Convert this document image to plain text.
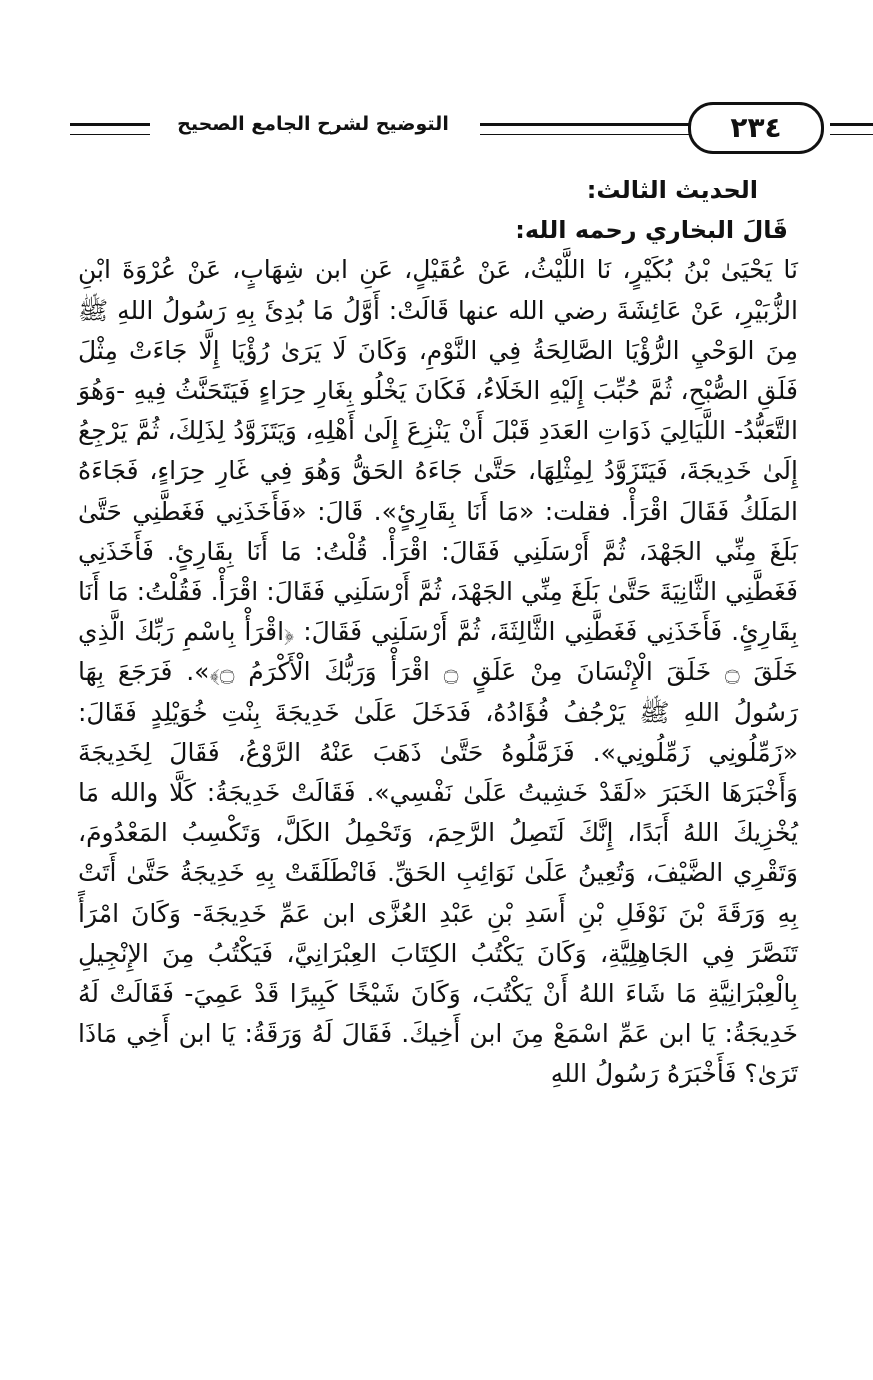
التوضيح لشرح الجامع الصحيح	٢٣٤

الحديث الثالث:

قَالَ البخاري رحمه الله:

نَا يَحْيَىٰ بْنُ بُكَيْرٍ، نَا اللَّيْثُ، عَنْ عُقَيْلٍ، عَنِ ابن شِهَابٍ، عَنْ عُرْوَةَ ابْنِ الزُّبَيْرِ، عَنْ عَائِشَةَ رضي الله عنها قَالَتْ: أَوَّلُ مَا بُدِئَ بِهِ رَسُولُ اللهِ ﷺ مِنَ الوَحْيِ الرُّؤْيَا الصَّالِحَةُ فِي النَّوْمِ، وَكَانَ لَا يَرَىٰ رُؤْيَا إِلَّا جَاءَتْ مِثْلَ فَلَقِ الصُّبْحِ، ثُمَّ حُبِّبَ إِلَيْهِ الخَلَاءُ، فَكَانَ يَخْلُو بِغَارِ حِرَاءٍ فَيَتَحَنَّثُ فِيهِ -وَهُوَ التَّعَبُّدُ- اللَّيَالِيَ ذَوَاتِ العَدَدِ قَبْلَ أَنْ يَنْزِعَ إِلَىٰ أَهْلِهِ، وَيَتَزَوَّدُ لِذَلِكَ، ثُمَّ يَرْجِعُ إِلَىٰ خَدِيجَةَ، فَيَتَزَوَّدُ لِمِثْلِهَا، حَتَّىٰ جَاءَهُ الحَقُّ وَهُوَ فِي غَارِ حِرَاءٍ، فَجَاءَهُ المَلَكُ فَقَالَ اقْرَأْ. فقلت: «مَا أَنَا بِقَارِئٍ». قَالَ: «فَأَخَذَنِي فَغَطَّنِي حَتَّىٰ بَلَغَ مِنِّي الجَهْدَ، ثُمَّ أَرْسَلَنِي فَقَالَ: اقْرَأْ. قُلْتُ: مَا أَنَا بِقَارِئٍ. فَأَخَذَنِي فَغَطَّنِي الثَّانِيَةَ حَتَّىٰ بَلَغَ مِنِّي الجَهْدَ، ثُمَّ أَرْسَلَنِي فَقَالَ: اقْرَأْ. فَقُلْتُ: مَا أَنَا بِقَارِئٍ. فَأَخَذَنِي فَغَطَّنِي الثَّالِثَةَ، ثُمَّ أَرْسَلَنِي فَقَالَ: ﴿اقْرَأْ بِاسْمِ رَبِّكَ الَّذِي خَلَقَ ۝ خَلَقَ الْإِنْسَانَ مِنْ عَلَقٍ ۝ اقْرَأْ وَرَبُّكَ الْأَكْرَمُ ۝﴾». فَرَجَعَ بِهَا رَسُولُ اللهِ ﷺ يَرْجُفُ فُؤَادُهُ، فَدَخَلَ عَلَىٰ خَدِيجَةَ بِنْتِ خُوَيْلِدٍ فَقَالَ: «زَمِّلُونِي زَمِّلُونِي». فَزَمَّلُوهُ حَتَّىٰ ذَهَبَ عَنْهُ الرَّوْعُ، فَقَالَ لِخَدِيجَةَ وَأَخْبَرَهَا الخَبَرَ «لَقَدْ خَشِيتُ عَلَىٰ نَفْسِي». فَقَالَتْ خَدِيجَةُ: كَلَّا والله مَا يُخْزِيكَ اللهُ أَبَدًا، إِنَّكَ لَتَصِلُ الرَّحِمَ، وَتَحْمِلُ الكَلَّ، وَتَكْسِبُ المَعْدُومَ، وَتَقْرِي الضَّيْفَ، وَتُعِينُ عَلَىٰ نَوَائِبِ الحَقِّ. فَانْطَلَقَتْ بِهِ خَدِيجَةُ حَتَّىٰ أَتَتْ بِهِ وَرَقَةَ بْنَ نَوْفَلِ بْنِ أَسَدِ بْنِ عَبْدِ العُزَّى ابن عَمِّ خَدِيجَةَ- وَكَانَ امْرَأً تَنَصَّرَ فِي الجَاهِلِيَّةِ، وَكَانَ يَكْتُبُ الكِتَابَ العِبْرَانِيَّ، فَيَكْتُبُ مِنَ الإِنْجِيلِ بِالْعِبْرَانِيَّةِ مَا شَاءَ اللهُ أَنْ يَكْتُبَ، وَكَانَ شَيْخًا كَبِيرًا قَدْ عَمِيَ- فَقَالَتْ لَهُ خَدِيجَةُ: يَا ابن عَمِّ اسْمَعْ مِنَ ابن أَخِيكَ. فَقَالَ لَهُ وَرَقَةُ: يَا ابن أَخِي مَاذَا تَرَىٰ؟ فَأَخْبَرَهُ رَسُولُ اللهِ
